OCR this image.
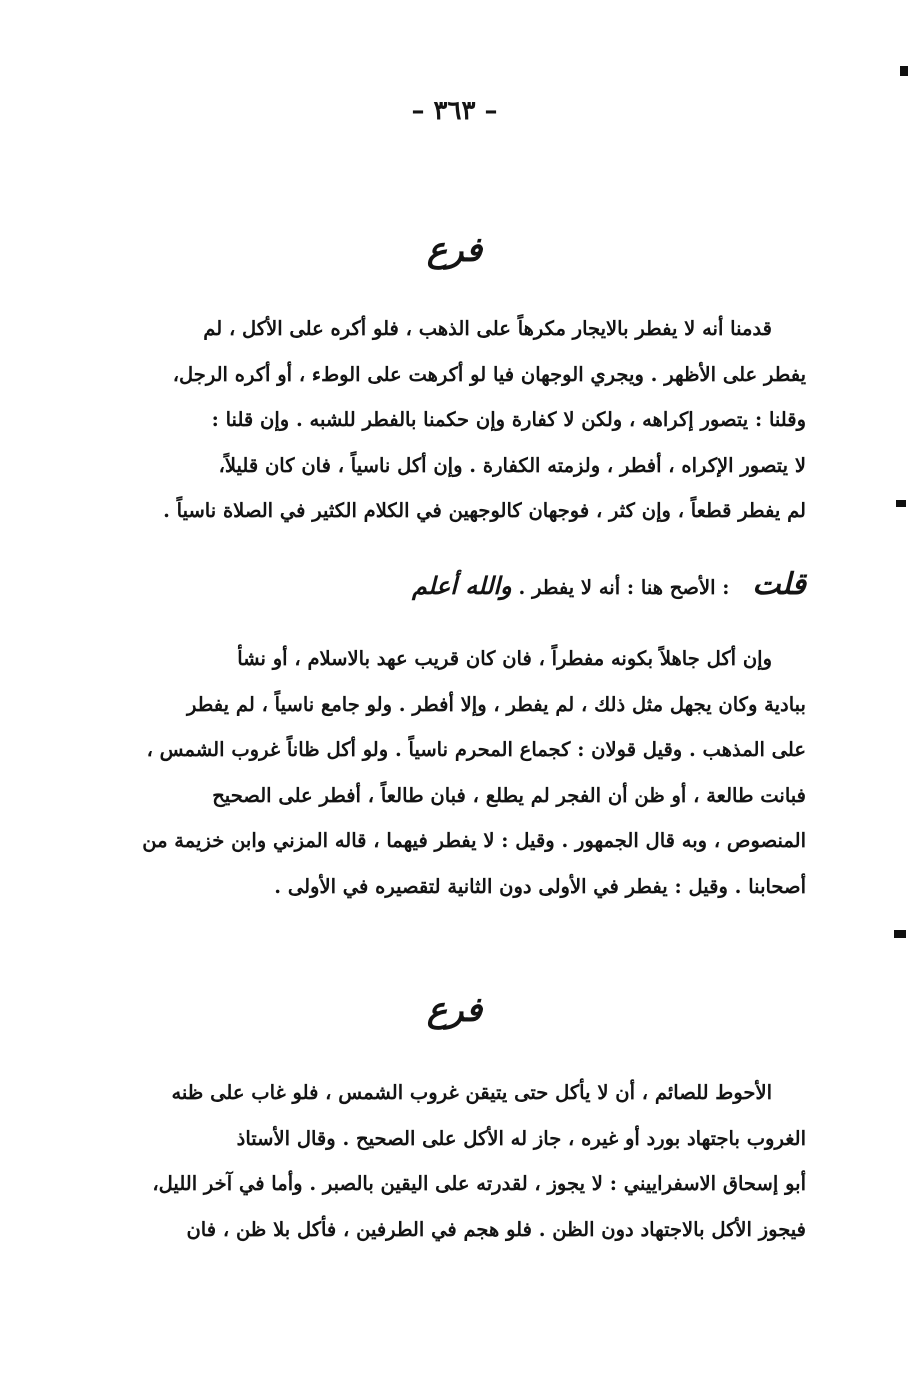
– ٣٦٣ –
فرع
قدمنا أنه لا يفطر بالايجار مكرهاً على الذهب ، فلو أكره على الأكل ، لم
يفطر على الأظهر . ويجري الوجهان فيا لو أكرهت على الوطء ، أو أكره الرجل،
وقلنا : يتصور إكراهه ، ولكن لا كفارة وإن حكمنا بالفطر للشبه . وإن قلنا :
لا يتصور الإكراه ، أفطر ، ولزمته الكفارة . وإن أكل ناسياً ، فان كان قليلاً،
لم يفطر قطعاً ، وإن كثر ، فوجهان كالوجهين في الكلام الكثير في الصلاة ناسياً .
قلت : الأصح هنا : أنه لا يفطر . والله أعلم
وإن أكل جاهلاً بكونه مفطراً ، فان كان قريب عهد بالاسلام ، أو نشأ
ببادية وكان يجهل مثل ذلك ، لم يفطر ، وإلا أفطر . ولو جامع ناسياً ، لم يفطر
على المذهب . وقيل قولان : كجماع المحرم ناسياً . ولو أكل ظاناً غروب الشمس ،
فبانت طالعة ، أو ظن أن الفجر لم يطلع ، فبان طالعاً ، أفطر على الصحيح
المنصوص ، وبه قال الجمهور . وقيل : لا يفطر فيهما ، قاله المزني وابن خزيمة من
أصحابنا . وقيل : يفطر في الأولى دون الثانية لتقصيره في الأولى .
فرع
الأحوط للصائم ، أن لا يأكل حتى يتيقن غروب الشمس ، فلو غاب على ظنه
الغروب باجتهاد بورد أو غيره ، جاز له الأكل على الصحيح . وقال الأستاذ
أبو إسحاق الاسفراييني : لا يجوز ، لقدرته على اليقين بالصبر . وأما في آخر الليل،
فيجوز الأكل بالاجتهاد دون الظن . فلو هجم في الطرفين ، فأكل بلا ظن ، فان
